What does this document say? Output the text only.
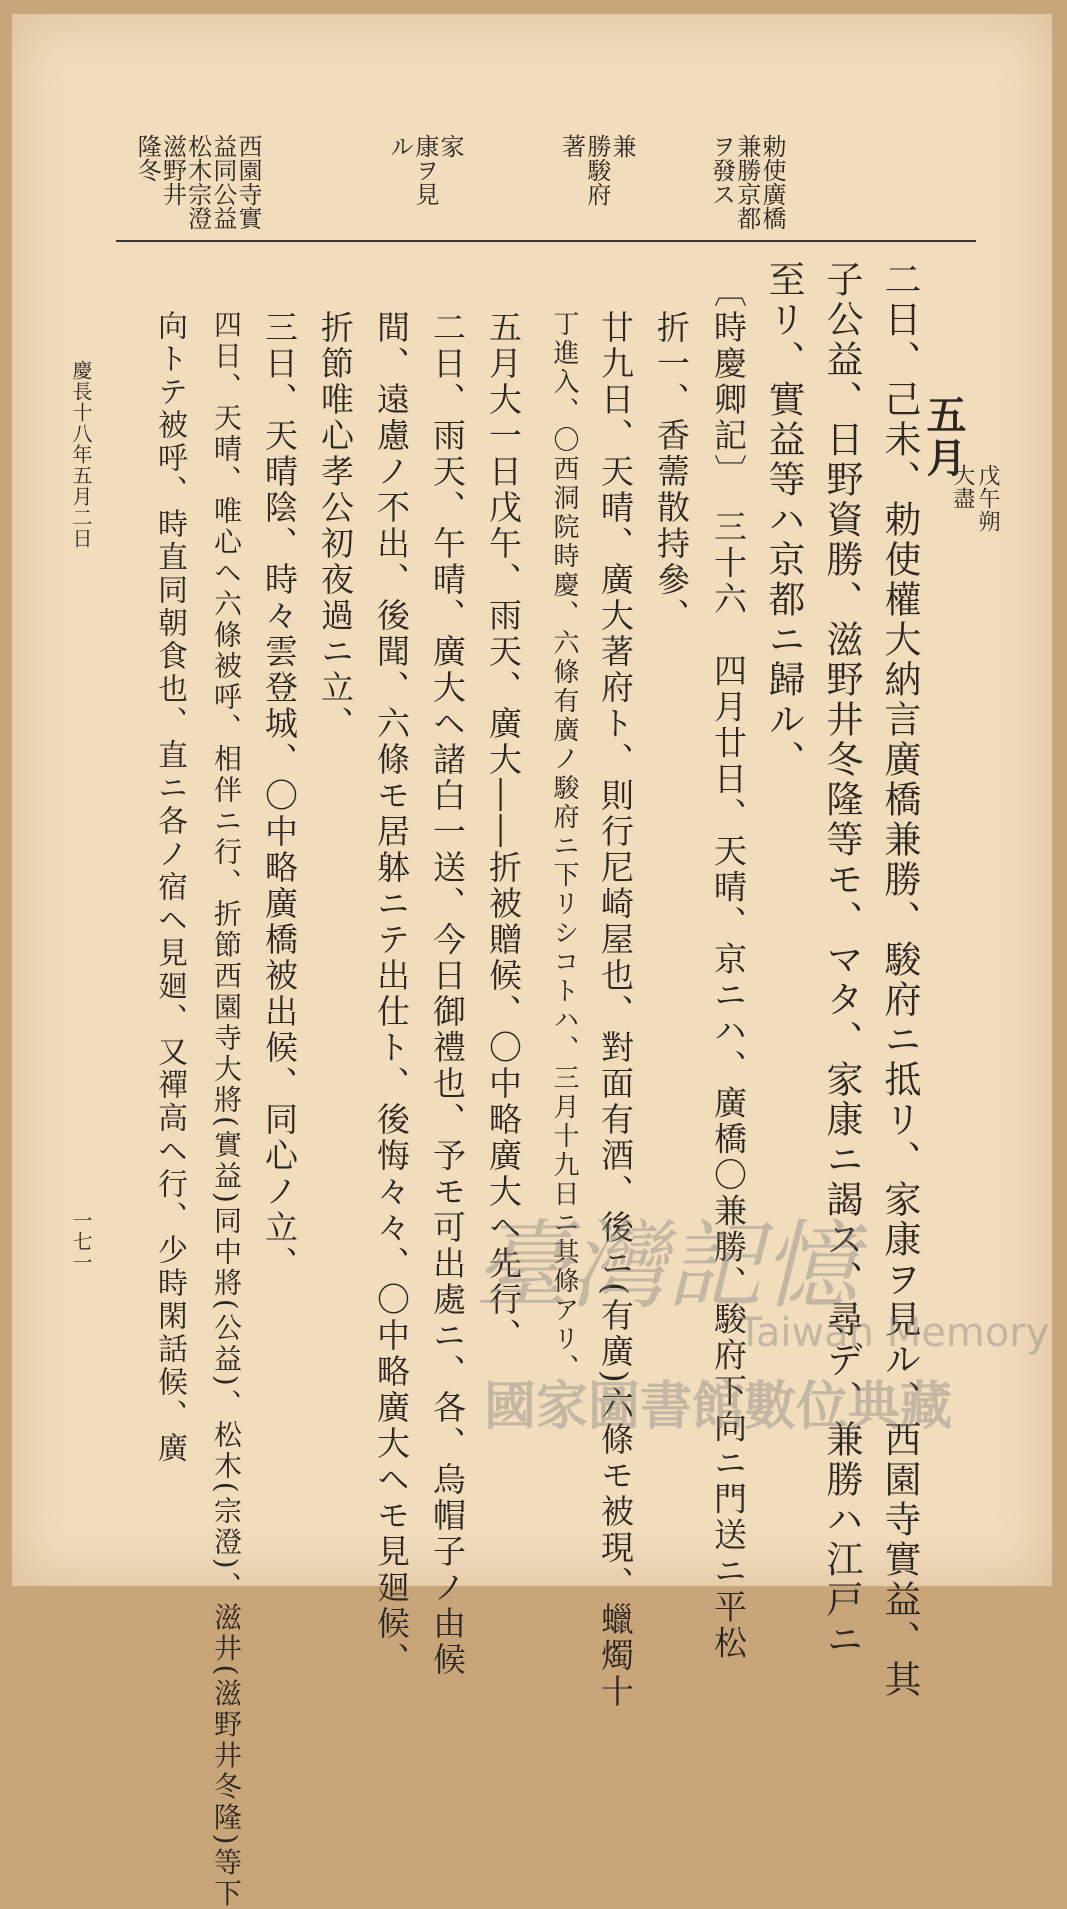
勅使廣橋
兼勝京都
ヲ發ス
兼
勝駿府
著
家
康ヲ見
ル
西園寺實
益同公益
松木宗澄
滋野井
隆冬
五月
戊午朔
大盡
二日、己未、勅使權大納言廣橋兼勝、駿府ニ抵リ、家康ヲ見ル、西園寺實益、其
子公益、日野資勝、滋野井冬隆等モ、マタ、家康ニ謁ス、尋デ、兼勝ハ江戸ニ
至リ、實益等ハ京都ニ歸ル、
〔時慶卿記〕　三十六　四月廿日、天晴、京ニハ、廣橋〇兼勝、駿府下向ニ門送ニ平松
折一、香薷散持參、
廿九日、天晴、廣大著府ト、則行尼崎屋也、對面有酒、後ニ(有廣)六條モ被現、蠟燭十
丁進入、〇西洞院時慶、六條有廣ノ駿府ニ下リシコトハ、三月十九日ニ其條アリ、
五月大一日戊午、雨天、廣大――折被贈候、〇中略廣大ヘ先行、
二日、雨天、午晴、廣大ヘ諸白一送、今日御禮也、予モ可出處ニ、各、烏帽子ノ由候
間、遠慮ノ不出、後聞、六條モ居躰ニテ出仕ト、後悔々々、〇中略廣大ヘモ見廻候、
折節唯心孝公初夜過ニ立、
三日、天晴陰、時々雲登城、〇中略廣橋被出候、同心ノ立、
四日、天晴、唯心ヘ六條被呼、相伴ニ行、折節西園寺大將(實益)同中將(公益)、松木(宗澄)、滋井(滋野井冬隆)等下
向トテ被呼、時直同朝食也、直ニ各ノ宿ヘ見廻、又禪高ヘ行、少時閑話候、廣
慶長十八年五月二日
一七一	臺灣記憶
Taiwan Memory
國家圖書館數位典藏
